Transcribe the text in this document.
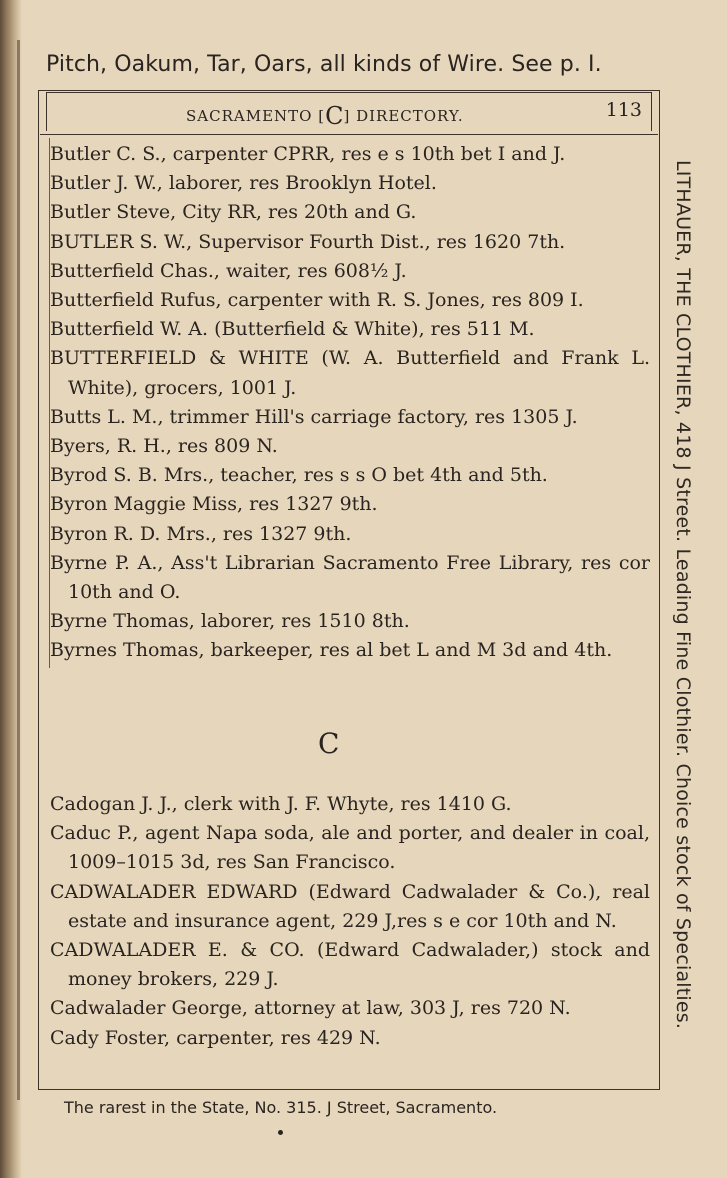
Pitch, Oakum, Tar, Oars, all kinds of Wire. See p. I.
SACRAMENTO [C] DIRECTORY.	113
Butler C. S., carpenter CPRR, res e s 10th bet I and J.
Butler J. W., laborer, res Brooklyn Hotel.
Butler Steve, City RR, res 20th and G.
BUTLER S. W., Supervisor Fourth Dist., res 1620 7th.
Butterfield Chas., waiter, res 608½ J.
Butterfield Rufus, carpenter with R. S. Jones, res 809 I.
Butterfield W. A. (Butterfield & White), res 511 M.
BUTTERFIELD & WHITE (W. A. Butterfield and Frank L. White), grocers, 1001 J.
Butts L. M., trimmer Hill's carriage factory, res 1305 J.
Byers, R. H., res 809 N.
Byrod S. B. Mrs., teacher, res s s O bet 4th and 5th.
Byron Maggie Miss, res 1327 9th.
Byron R. D. Mrs., res 1327 9th.
Byrne P. A., Ass't Librarian Sacramento Free Library, res cor 10th and O.
Byrne Thomas, laborer, res 1510 8th.
Byrnes Thomas, barkeeper, res al bet L and M 3d and 4th.
C
Cadogan J. J., clerk with J. F. Whyte, res 1410 G.
Caduc P., agent Napa soda, ale and porter, and dealer in coal, 1009–1015 3d, res San Francisco.
CADWALADER EDWARD (Edward Cadwalader & Co.), real estate and insurance agent, 229 J,res s e cor 10th and N.
CADWALADER E. & CO. (Edward Cadwalader,) stock and money brokers, 229 J.
Cadwalader George, attorney at law, 303 J, res 720 N.
Cady Foster, carpenter, res 429 N.
LITHAUER, THE CLOTHIER, 418 J Street. Leading Fine Clothier. Choice stock of Specialties.
The rarest in the State, No. 315. J Street, Sacramento.
